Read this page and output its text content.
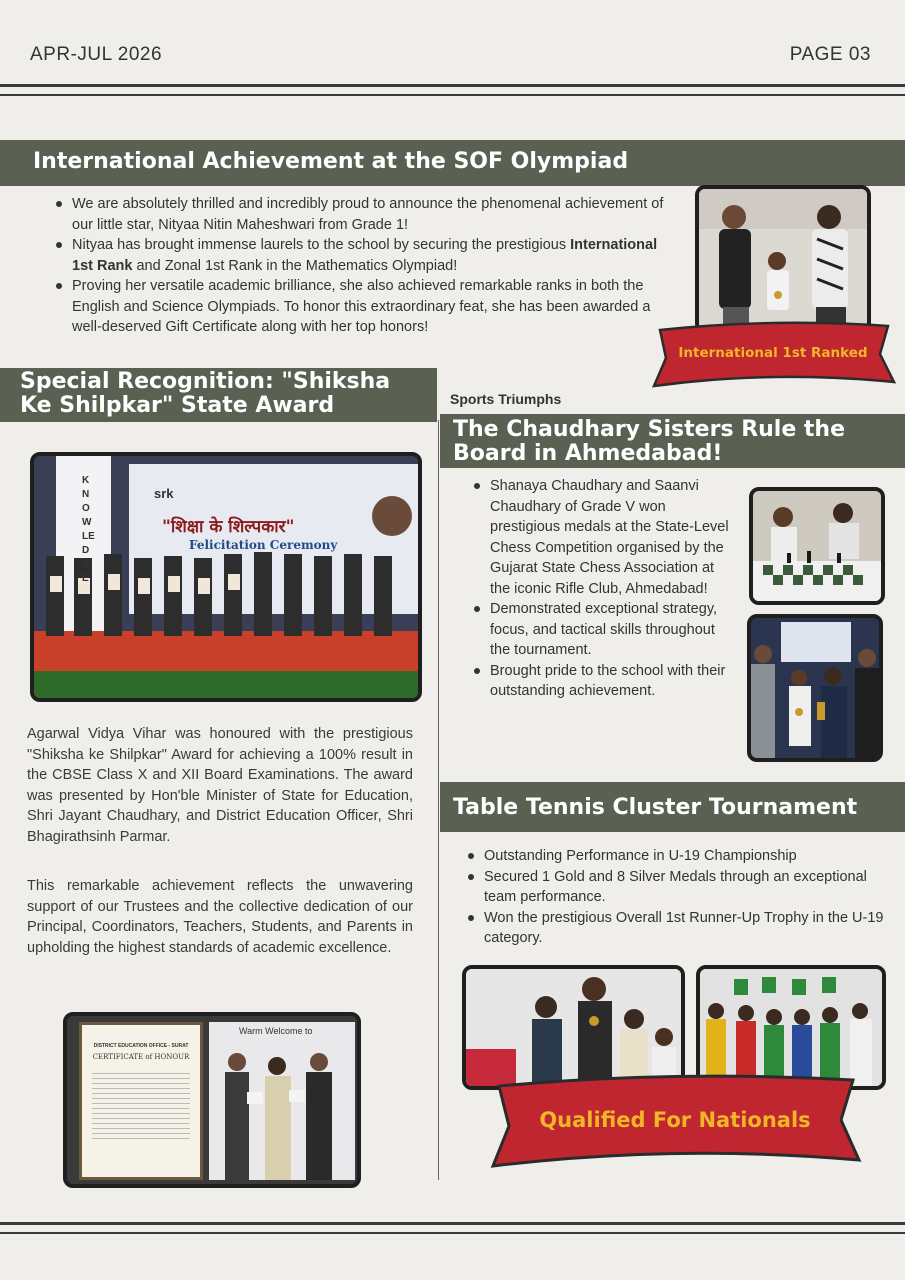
APR-JUL 2026	PAGE 03
International Achievement at the SOF Olympiad
We are absolutely thrilled and incredibly proud to announce the phenomenal achievement of our little star, Nityaa Nitin Maheshwari from Grade 1!
Nityaa has brought immense laurels to the school by securing the prestigious International 1st Rank and Zonal 1st Rank in the Mathematics Olympiad!
Proving her versatile academic brilliance, she also achieved remarkable ranks in both the English and Science Olympiads. To honor this extraordinary feat, she has been awarded a well-deserved Gift Certificate along with her top honors!
International 1st Ranked
Special Recognition: "Shiksha Ke Shilpkar" State Award	Sports Triumphs
The Chaudhary Sisters Rule the Board in Ahmedabad!
srk
"शिक्षा के शिल्पकार"
Felicitation Ceremony
KNOWLEDGE

Agarwal Vidya Vihar was honoured with the prestigious "Shiksha ke Shilpkar" Award for achieving a 100% result in the CBSE Class X and XII Board Examinations. The award was presented by Hon'ble Minister of State for Education, Shri Jayant Chaudhary, and District Education Officer, Shri Bhagirathsinh Parmar.

This remarkable achievement reflects the unwavering support of our Trustees and the collective dedication of our Principal, Coordinators, Teachers, Students, and Parents in upholding the highest standards of academic excellence.

DISTRICT EDUCATION OFFICE - SURAT
CERTIFICATE of HONOUR
Warm Welcome to
Shanaya Chaudhary and Saanvi Chaudhary of Grade V won prestigious medals at the State-Level Chess Competition organised by the Gujarat State Chess Association at the iconic Rifle Club, Ahmedabad!
Demonstrated exceptional strategy, focus, and tactical skills throughout the tournament.
Brought pride to the school with their outstanding achievement.
Table Tennis Cluster Tournament
Outstanding Performance in U-19 Championship
Secured 1 Gold and 8 Silver Medals through an exceptional team performance.
Won the prestigious Overall 1st Runner-Up Trophy in the U-19 category.
Qualified For Nationals
